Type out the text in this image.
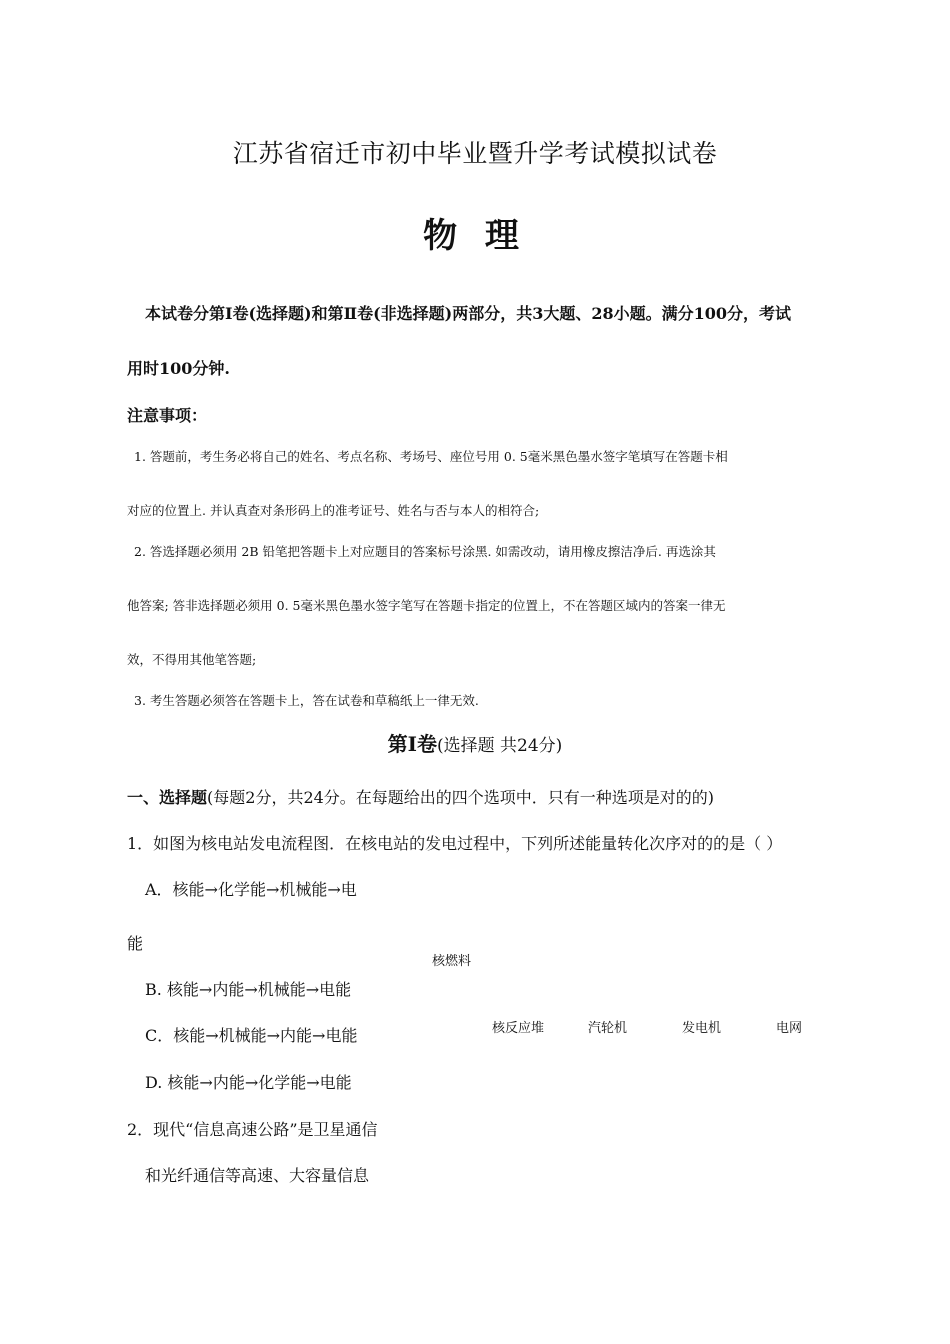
江苏省宿迁市初中毕业暨升学考试模拟试卷
物 理
本试卷分第Ⅰ卷(选择题)和第Ⅱ卷(非选择题)两部分，共3大题、28小题。满分100分，考试
用时100分钟.
注意事项：
1. 答题前，考生务必将自己的姓名、考点名称、考场号、座位号用 0. 5毫米黑色墨水签字笔填写在答题卡相
对应的位置上. 并认真查对条形码上的准考证号、姓名与否与本人的相符合;
2. 答选择题必须用 2B 铅笔把答题卡上对应题目的答案标号涂黑. 如需改动，请用橡皮擦洁净后. 再选涂其
他答案; 答非选择题必须用 0. 5毫米黑色墨水签字笔写在答题卡指定的位置上，不在答题区域内的答案一律无
效，不得用其他笔答题;
3. 考生答题必须答在答题卡上，答在试卷和草稿纸上一律无效.
第Ⅰ卷(选择题 共24分)
一、选择题(每题2分，共24分。在每题给出的四个选项中．只有一种选项是对的的)
1．如图为核电站发电流程图．在核电站的发电过程中，下列所述能量转化次序对的的是（ ）
A．核能→化学能→机械能→电
能
B. 核能→内能→机械能→电能
C．核能→机械能→内能→电能
D. 核能→内能→化学能→电能
核燃料
核反应堆	汽轮机	发电机	电网
2．现代“信息高速公路”是卫星通信
和光纤通信等高速、大容量信息
